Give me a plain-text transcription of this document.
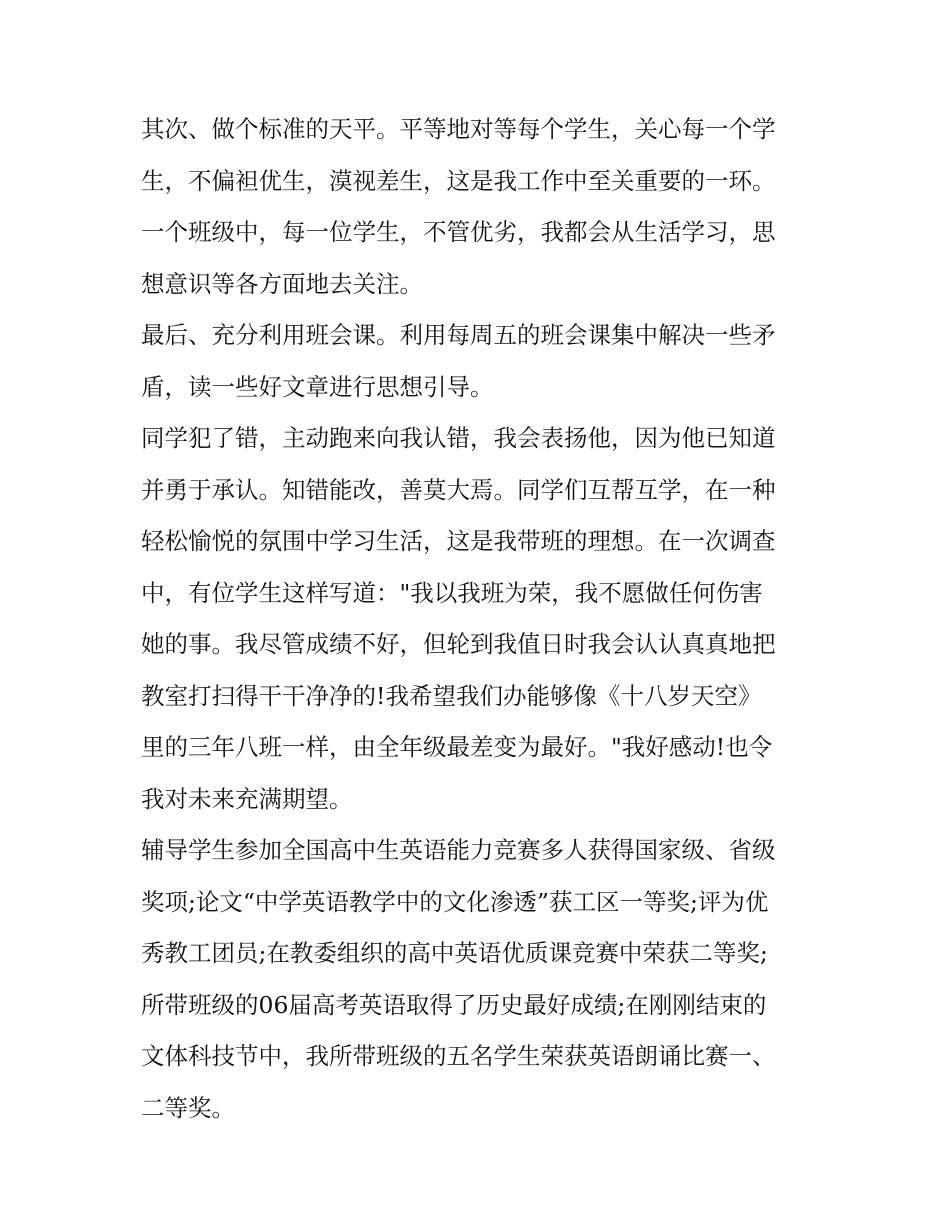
其次、做个标准的天平。平等地对等每个学生，关心每一个学
生，不偏袒优生，漠视差生，这是我工作中至关重要的一环。
一个班级中，每一位学生，不管优劣，我都会从生活学习，思
想意识等各方面地去关注。
最后、充分利用班会课。利用每周五的班会课集中解决一些矛
盾，读一些好文章进行思想引导。
同学犯了错，主动跑来向我认错，我会表扬他，因为他已知道
并勇于承认。知错能改，善莫大焉。同学们互帮互学，在一种
轻松愉悦的氛围中学习生活，这是我带班的理想。在一次调查
中，有位学生这样写道："我以我班为荣，我不愿做任何伤害
她的事。我尽管成绩不好，但轮到我值日时我会认认真真地把
教室打扫得干干净净的!我希望我们办能够像《十八岁天空》
里的三年八班一样，由全年级最差变为最好。"我好感动!也令
我对未来充满期望。
辅导学生参加全国高中生英语能力竞赛多人获得国家级、省级
奖项;论文“中学英语教学中的文化渗透”获工区一等奖;评为优
秀教工团员;在教委组织的高中英语优质课竞赛中荣获二等奖;
所带班级的06届高考英语取得了历史最好成绩;在刚刚结束的
文体科技节中，我所带班级的五名学生荣获英语朗诵比赛一、
二等奖。
